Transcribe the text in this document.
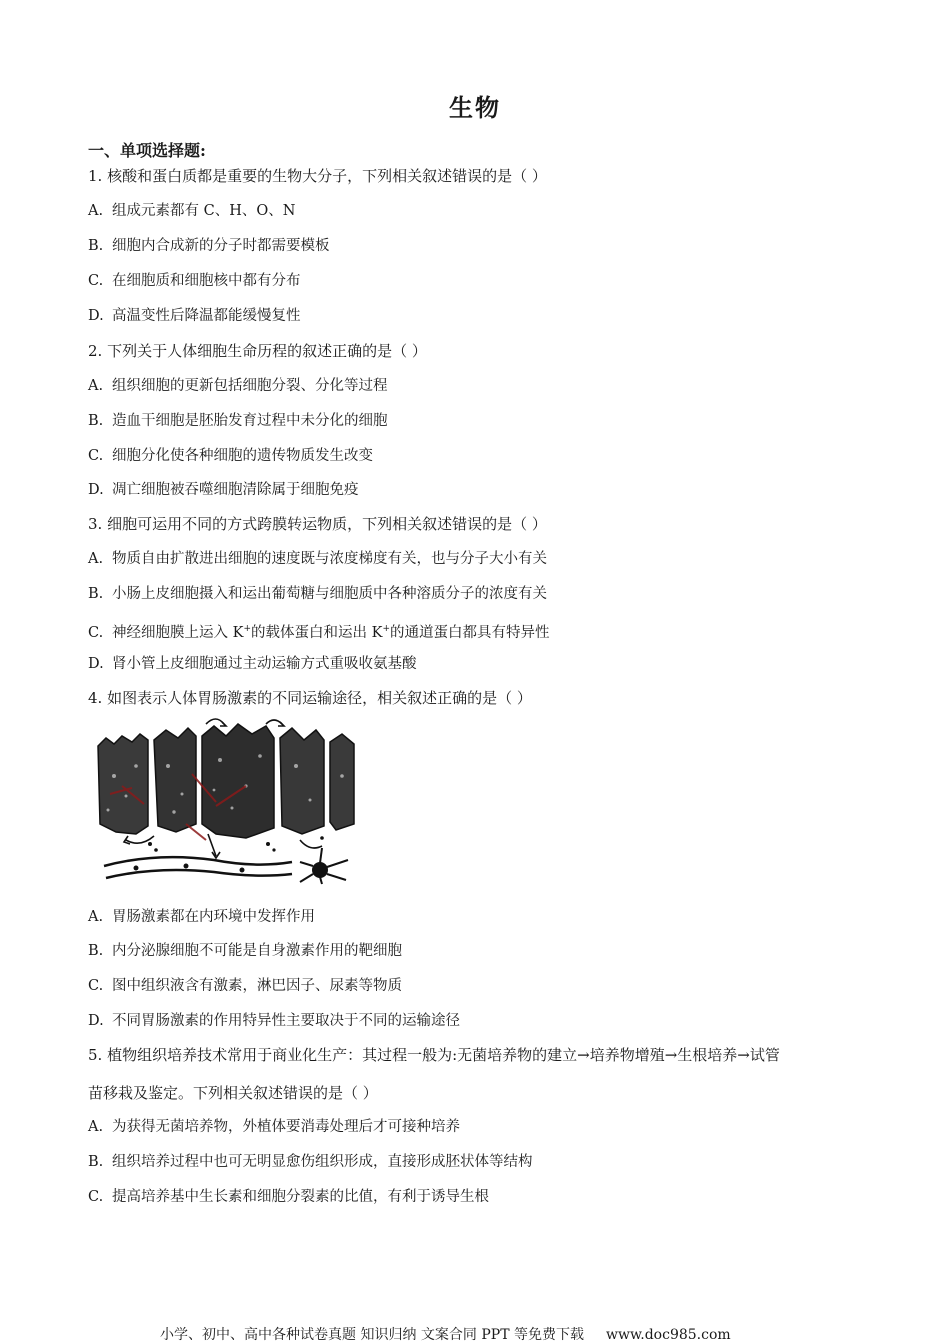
生物
一、单项选择题:
1. 核酸和蛋白质都是重要的生物大分子，下列相关叙述错误的是（ ）
A. 组成元素都有 C、H、O、N
B. 细胞内合成新的分子时都需要模板
C. 在细胞质和细胞核中都有分布
D. 高温变性后降温都能缓慢复性
2. 下列关于人体细胞生命历程的叙述正确的是（ ）
A. 组织细胞的更新包括细胞分裂、分化等过程
B. 造血干细胞是胚胎发育过程中未分化的细胞
C. 细胞分化使各种细胞的遗传物质发生改变
D. 凋亡细胞被吞噬细胞清除属于细胞免疫
3. 细胞可运用不同的方式跨膜转运物质，下列相关叙述错误的是（ ）
A. 物质自由扩散进出细胞的速度既与浓度梯度有关，也与分子大小有关
B. 小肠上皮细胞摄入和运出葡萄糖与细胞质中各种溶质分子的浓度有关
C. 神经细胞膜上运入 K+的载体蛋白和运出 K+的通道蛋白都具有特异性
D. 肾小管上皮细胞通过主动运输方式重吸收氨基酸
4. 如图表示人体胃肠激素的不同运输途径，相关叙述正确的是（ ）
A. 胃肠激素都在内环境中发挥作用
B. 内分泌腺细胞不可能是自身激素作用的靶细胞
C. 图中组织液含有激素，淋巴因子、尿素等物质
D. 不同胃肠激素的作用特异性主要取决于不同的运输途径
5. 植物组织培养技术常用于商业化生产：其过程一般为:无菌培养物的建立→培养物增殖→生根培养→试管
苗移栽及鉴定。下列相关叙述错误的是（ ）
A. 为获得无菌培养物，外植体要消毒处理后才可接种培养
B. 组织培养过程中也可无明显愈伤组织形成，直接形成胚状体等结构
C. 提高培养基中生长素和细胞分裂素的比值，有利于诱导生根
小学、初中、高中各种试卷真题 知识归纳 文案合同 PPT 等免费下载 www.doc985.com
